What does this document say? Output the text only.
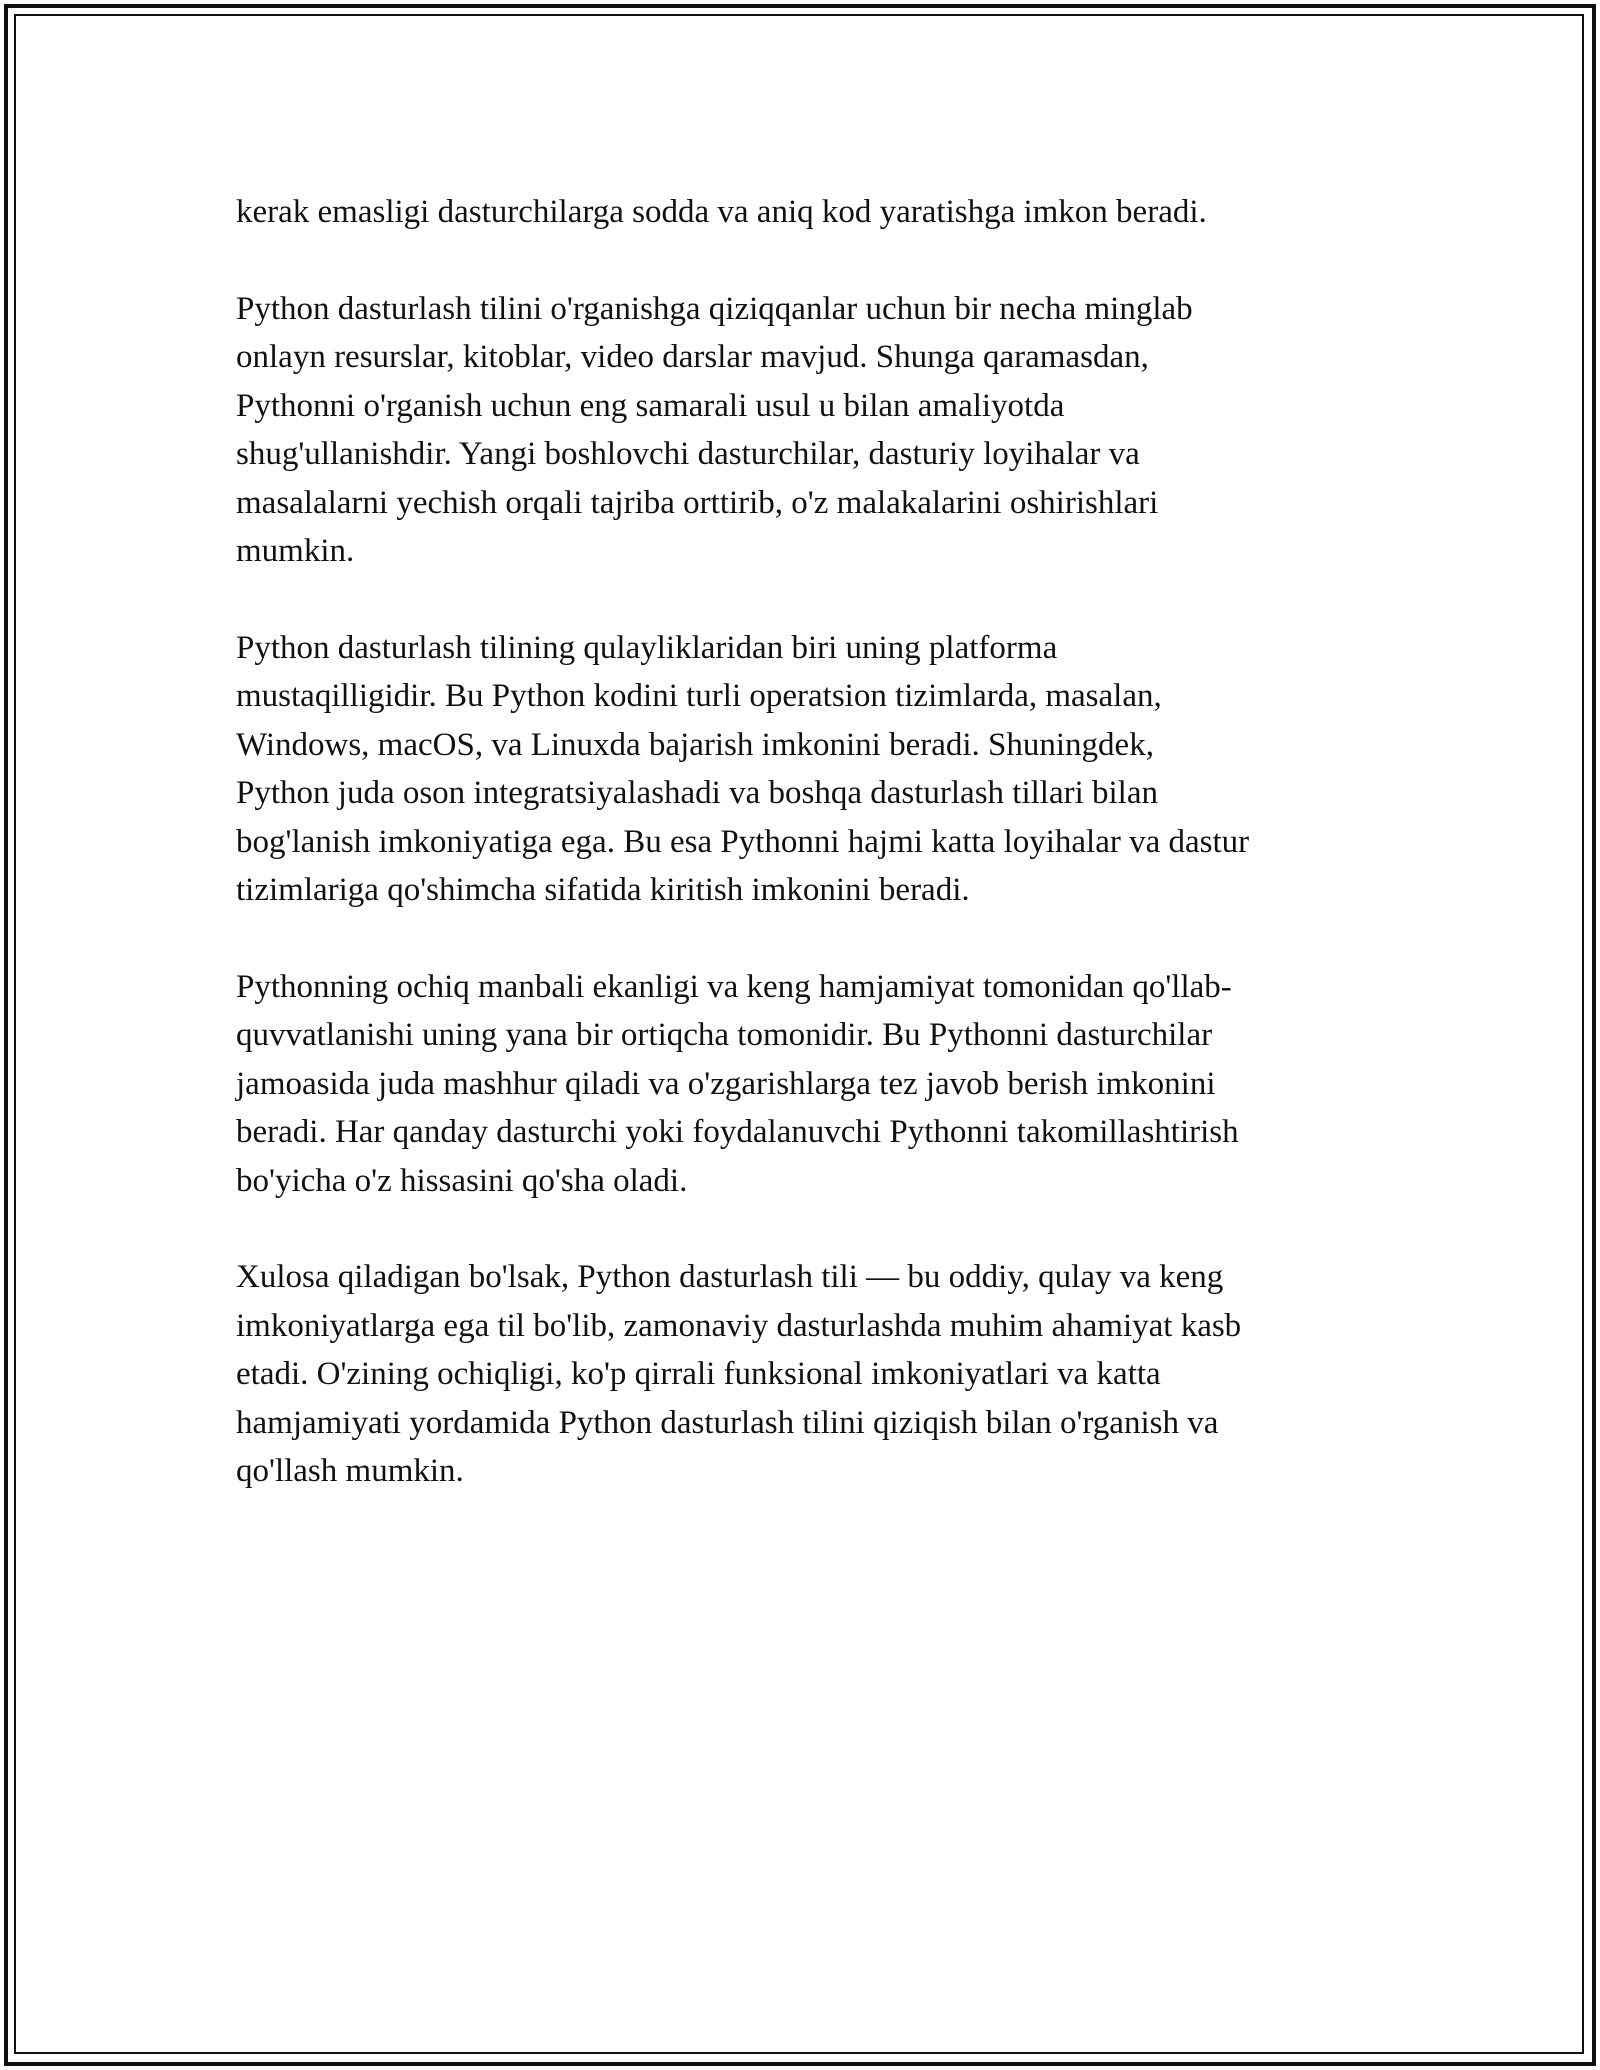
kerak emasligi dasturchilarga sodda va aniq kod yaratishga imkon beradi.

Python dasturlash tilini o'rganishga qiziqqanlar uchun bir necha minglab
onlayn resurslar, kitoblar, video darslar mavjud. Shunga qaramasdan,
Pythonni o'rganish uchun eng samarali usul u bilan amaliyotda
shug'ullanishdir. Yangi boshlovchi dasturchilar, dasturiy loyihalar va
masalalarni yechish orqali tajriba orttirib, o'z malakalarini oshirishlari
mumkin.

Python dasturlash tilining qulayliklaridan biri uning platforma
mustaqilligidir. Bu Python kodini turli operatsion tizimlarda, masalan,
Windows, macOS, va Linuxda bajarish imkonini beradi. Shuningdek,
Python juda oson integratsiyalashadi va boshqa dasturlash tillari bilan
bog'lanish imkoniyatiga ega. Bu esa Pythonni hajmi katta loyihalar va dastur
tizimlariga qo'shimcha sifatida kiritish imkonini beradi.

Pythonning ochiq manbali ekanligi va keng hamjamiyat tomonidan qo'llab-
quvvatlanishi uning yana bir ortiqcha tomonidir. Bu Pythonni dasturchilar
jamoasida juda mashhur qiladi va o'zgarishlarga tez javob berish imkonini
beradi. Har qanday dasturchi yoki foydalanuvchi Pythonni takomillashtirish
bo'yicha o'z hissasini qo'sha oladi.

Xulosa qiladigan bo'lsak, Python dasturlash tili — bu oddiy, qulay va keng
imkoniyatlarga ega til bo'lib, zamonaviy dasturlashda muhim ahamiyat kasb
etadi. O'zining ochiqligi, ko'p qirrali funksional imkoniyatlari va katta
hamjamiyati yordamida Python dasturlash tilini qiziqish bilan o'rganish va
qo'llash mumkin.
